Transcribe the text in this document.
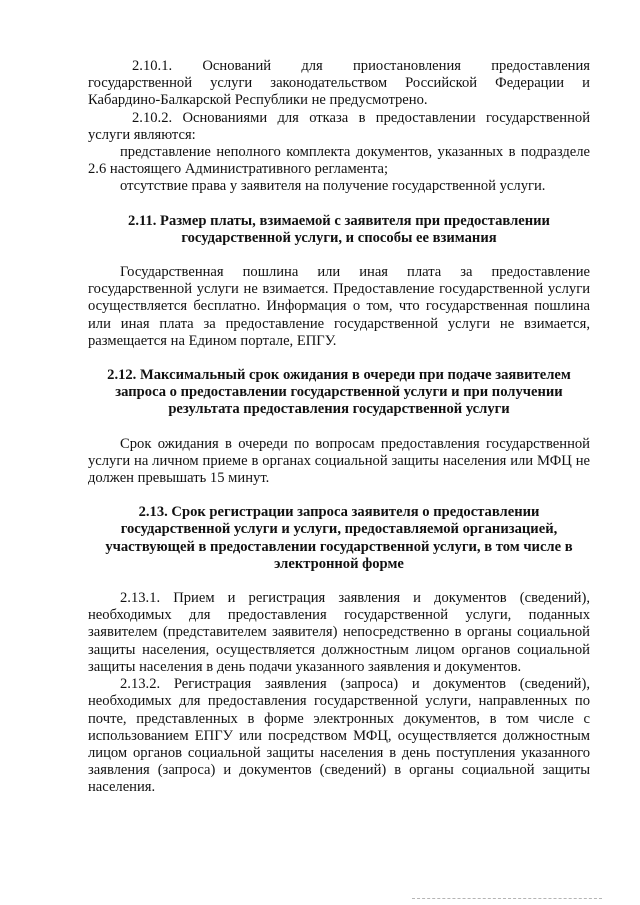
2.10.1. Оснований для приостановления предоставления государственной услуги законодательством Российской Федерации и Кабардино-Балкарской Республики не предусмотрено.

2.10.2. Основаниями для отказа в предоставлении государственной услуги являются:

представление неполного комплекта документов, указанных в подразделе 2.6 настоящего Административного регламента;

отсутствие права у заявителя на получение государственной услуги.

2.11. Размер платы, взимаемой с заявителя при предоставлении государственной услуги, и способы ее взимания

Государственная пошлина или иная плата за предоставление государственной услуги не взимается. Предоставление государственной услуги осуществляется бесплатно. Информация о том, что государственная пошлина или иная плата за предоставление государственной услуги не взимается, размещается на Едином портале, ЕПГУ.

2.12. Максимальный срок ожидания в очереди при подаче заявителем запроса о предоставлении государственной услуги и при получении результата предоставления государственной услуги

Срок ожидания в очереди по вопросам предоставления государственной услуги на личном приеме в органах социальной защиты населения или МФЦ не должен превышать 15 минут.

2.13. Срок регистрации запроса заявителя о предоставлении государственной услуги и услуги, предоставляемой организацией, участвующей в предоставлении государственной услуги, в том числе в электронной форме

2.13.1. Прием и регистрация заявления и документов (сведений), необходимых для предоставления государственной услуги, поданных заявителем (представителем заявителя) непосредственно в органы социальной защиты населения, осуществляется должностным лицом органов социальной защиты населения в день подачи указанного заявления и документов.

2.13.2. Регистрация заявления (запроса) и документов (сведений), необходимых для предоставления государственной услуги, направленных по почте, представленных в форме электронных документов, в том числе с использованием ЕПГУ или посредством МФЦ, осуществляется должностным лицом органов социальной защиты населения в день поступления указанного заявления (запроса) и документов (сведений) в органы социальной защиты населения.
